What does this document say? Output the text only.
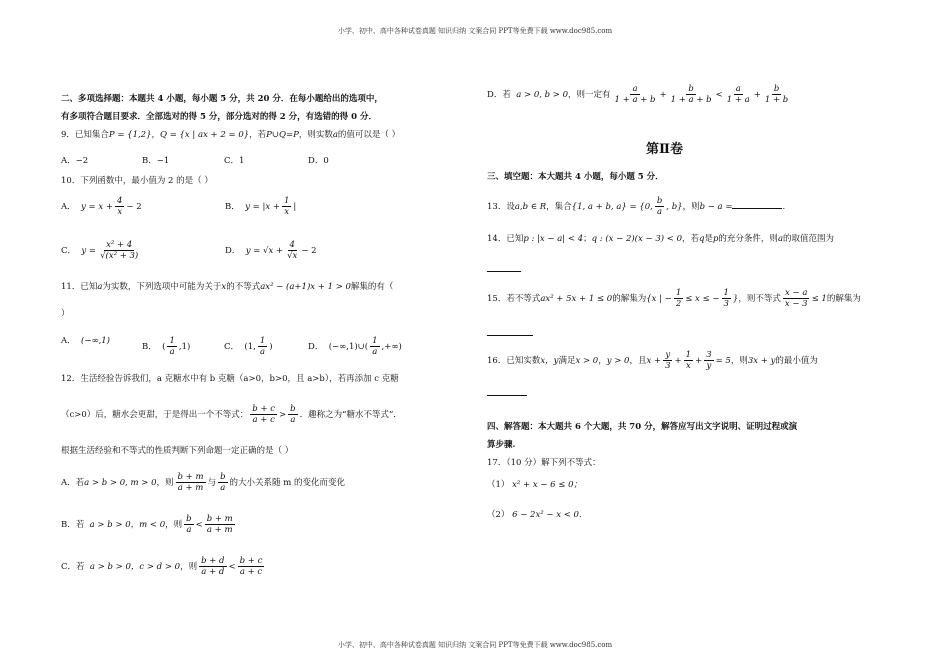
小学、初中、高中各种试卷真题 知识归纳 文案合同 PPT等免费下载 www.doc985.com
小学、初中、高中各种试卷真题 知识归纳 文案合同 PPT等免费下载 www.doc985.com
二、多项选择题：本题共 4 小题，每小题 5 分，共 20 分．在每小题给出的选项中，
有多项符合题目要求．全部选对的得 5 分，部分选对的得 2 分，有选错的得 0 分．
9．已知集合P = {1,2}，Q = {x | ax + 2 = 0}，若P∪Q=P，则实数a的值可以是（ ）
A．−2	B．−1	C．1	D．0
10．下列函数中，最小值为 2 的是（ ）
A． $y = x + \frac{4}{x} - 2$	B． $y = |x + \frac{1}{x}$ |
C． $y = \frac{\text{x² + 4}}{\text{√(x² + 3)}}$	D． $y = √x + \frac{4}{√x} - 2$
11．已知a为实数，下列选项中可能为关于x的不等式ax² − (a+1)x + 1 > 0解集的有（
）
A． (−∞,1)
B． ( $\frac{1}{a} ,1$)	C． (1, $\frac{1}{a}$ )	D． (−∞,1)∪( $\frac{1}{a}$ ,+∞)
12．生活经验告诉我们，a 克糖水中有 b 克糖（a>0，b>0，且 a>b），若再添加 c 克糖
（c>0）后，糖水会更甜，于是得出一个不等式： $\frac{b + c}{a + c} > \frac{b}{a}$ ．趣称之为“糖水不等式”．
根据生活经验和不等式的性质判断下列命题一定正确的是（ ）
A．若a > b > 0, m > 0，则 $\frac{b + m}{a + m}$ 与 $\frac{b}{a}$ 的大小关系随 m 的变化而变化
B．若 a > b > 0，m < 0，则 $\frac{b}{a} < \frac{b + m}{a + m}$
C．若 a > b > 0，c > d > 0，则 $\frac{b + d}{a + d} < \frac{b + c}{a + c}$
D．若 a > 0, b > 0，则一定有 $\frac{a}{1 + a + b} + \frac{b}{1 + a + b} < \frac{a}{1 + a} + \frac{b}{1 + b}$
第Ⅱ卷
三、填空题：本大题共 4 小题，每小题 5 分．
13．设a,b ∈ R，集合{1, a + b, a} = {0, $\frac{b}{a}$ , b}，则b − a =	.
14．已知p : |x − a| < 4；q : (x − 2)(x − 3) < 0，若q是p的充分条件，则a的取值范围为
15．若不等式ax² + 5x + 1 ≤ 0的解集为{x | − $\frac{1}{2} \le x$ ≤ − $\frac{1}{3}$ }，则不等式 $\frac{x - a}{x - 3} \le 1$的解集为
16．已知实数x，y满足x > 0，y > 0，且$x + \frac{y}{3} + \frac{1}{x} + \frac{3}{y} = 5$，则3x + y的最小值为
四、解答题：本大题共 6 个大题，共 70 分，解答应写出文字说明、证明过程或演
算步骤.
17．（10 分）解下列不等式：
（1） x² + x − 6 ≤ 0；
（2） 6 − 2x² − x < 0．
